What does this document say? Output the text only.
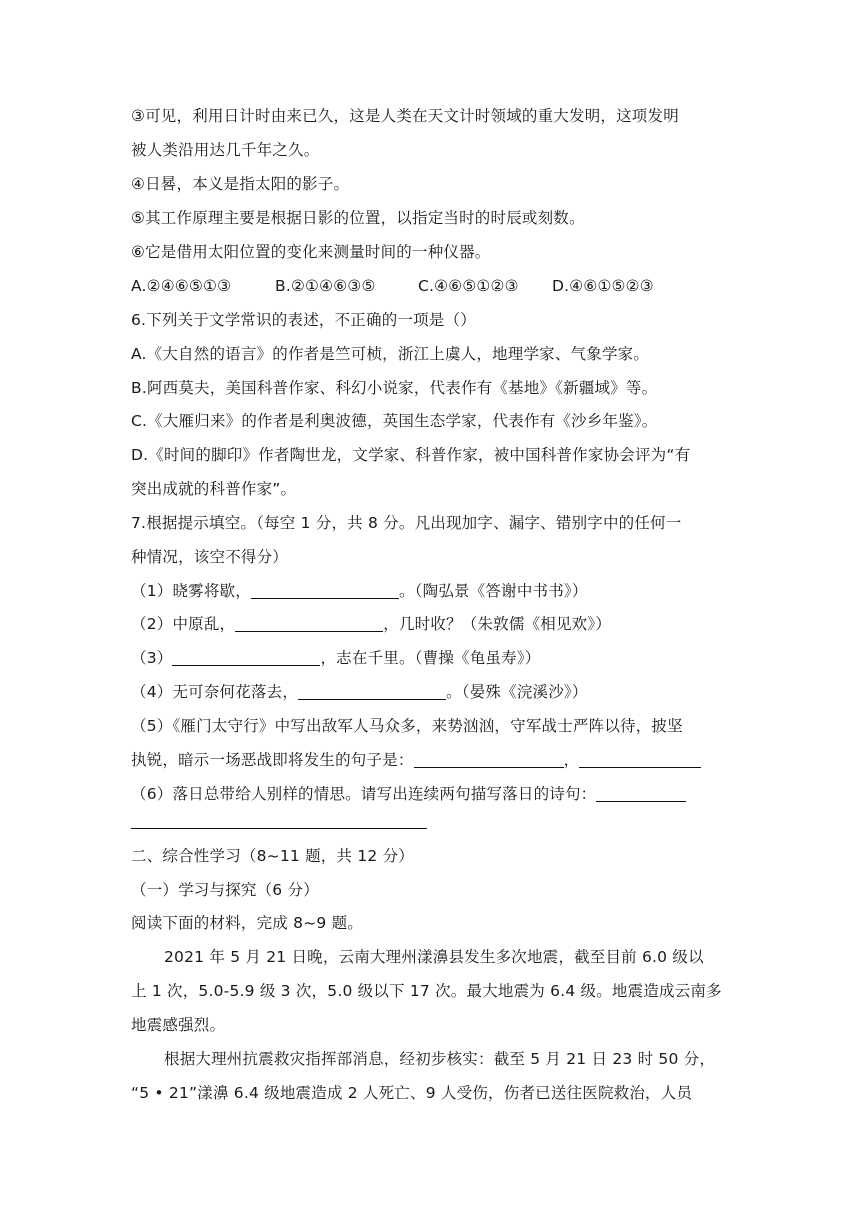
③可见，利用日计时由来已久，这是人类在天文计时领域的重大发明，这项发明
被人类沿用达几千年之久。
④日晷，本义是指太阳的影子。
⑤其工作原理主要是根据日影的位置，以指定当时的时辰或刻数。
⑥它是借用太阳位置的变化来测量时间的一种仪器。
A.②④⑥⑤①③	B.②①④⑥③⑤	C.④⑥⑤①②③ D.④⑥①⑤②③
6.下列关于文学常识的表述，不正确的一项是（）
A.《大自然的语言》的作者是竺可桢，浙江上虞人，地理学家、气象学家。
B.阿西莫夫，美国科普作家、科幻小说家，代表作有《基地》《新疆域》等。
C.《大雁归来》的作者是利奥波德，英国生态学家，代表作有《沙乡年鉴》。
D.《时间的脚印》作者陶世龙，文学家、科普作家，被中国科普作家协会评为“有
突出成就的科普作家”。
7.根据提示填空。（每空 1 分，共 8 分。凡出现加字、漏字、错别字中的任何一
种情况，该空不得分）
（1）晓雾将歇，	。（陶弘景《答谢中书书》）
（2）中原乱，	，几时收？（朱敦儒《相见欢》）
（3）	，志在千里。（曹操《龟虽寿》）
（4）无可奈何花落去，	。（晏殊《浣溪沙》）
（5）《雁门太守行》中写出敌军人马众多，来势汹汹，守军战士严阵以待，披坚
执锐，暗示一场恶战即将发生的句子是：	，
（6）落日总带给人别样的情思。请写出连续两句描写落日的诗句：
二、综合性学习（8~11 题，共 12 分）
（一）学习与探究（6 分）
阅读下面的材料，完成 8~9 题。
2021 年 5 月 21 日晚，云南大理州漾濞县发生多次地震，截至目前 6.0 级以
上 1 次，5.0-5.9 级 3 次，5.0 级以下 17 次。最大地震为 6.4 级。地震造成云南多
地震感强烈。
根据大理州抗震救灾指挥部消息，经初步核实：截至 5 月 21 日 23 时 50 分，
“5 • 21”漾濞 6.4 级地震造成 2 人死亡、9 人受伤，伤者已送往医院救治，人员
